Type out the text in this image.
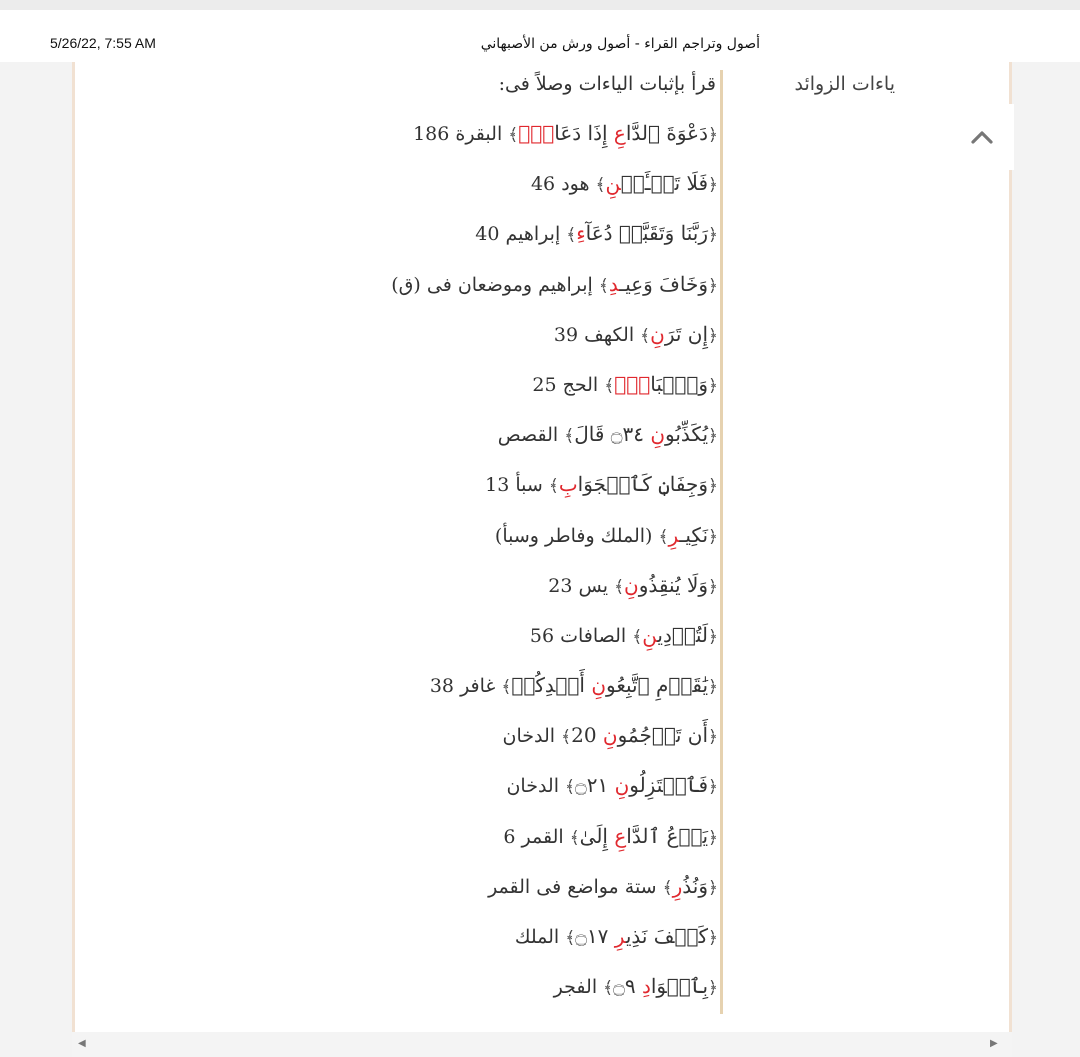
5/26/22, 7:55 AM	أصول وتراجم القراء - أصول ورش من الأصبهاني
ياءات الزوائد
قرأ بإثبات الياءات وصلاً فى:
﴿دَعْوَةَ ٱلدَّاعِ إِذَا دَعَانِۖ﴾ البقرة 186
﴿فَلَا تَسۡـَٔلۡنِ﴾ هود 46
﴿رَبَّنَا وَتَقَبَّلۡ دُعَآءِ﴾ إبراهيم 40
﴿وَخَافَ وَعِيـدِ﴾ إبراهيم وموضعان فى (ق)
﴿إِن تَرَنِ﴾ الكهف 39
﴿وَٱلۡبَادِۚ﴾ الحج 25
﴿يُكَذِّبُونِ ۝٣٤ قَالَ﴾ القصص
﴿وَجِفَانٖ كَٱلۡجَوَابِ﴾ سبأ 13
﴿نَكِيـرِ﴾ (الملك وفاطر وسبأ)
﴿وَلَا يُنقِذُونِ﴾ يس 23
﴿لَتُرۡدِينِ﴾ الصافات 56
﴿يَٰقَوۡمِ ٱتَّبِعُونِ أَهۡدِكُمۡ﴾ غافر 38
﴿أَن تَرۡجُمُونِ 20﴾ الدخان
﴿فَٱعۡتَزِلُونِ ۝٢١﴾ الدخان
﴿يَدۡعُ ٱلدَّاعِ إِلَىٰ﴾ القمر 6
﴿وَنُذُرِ﴾ ستة مواضع فى القمر
﴿كَيۡفَ نَذِيرِ ۝١٧﴾ الملك
﴿بِٱلۡوَادِ ۝٩﴾ الفجر
◀	▶
